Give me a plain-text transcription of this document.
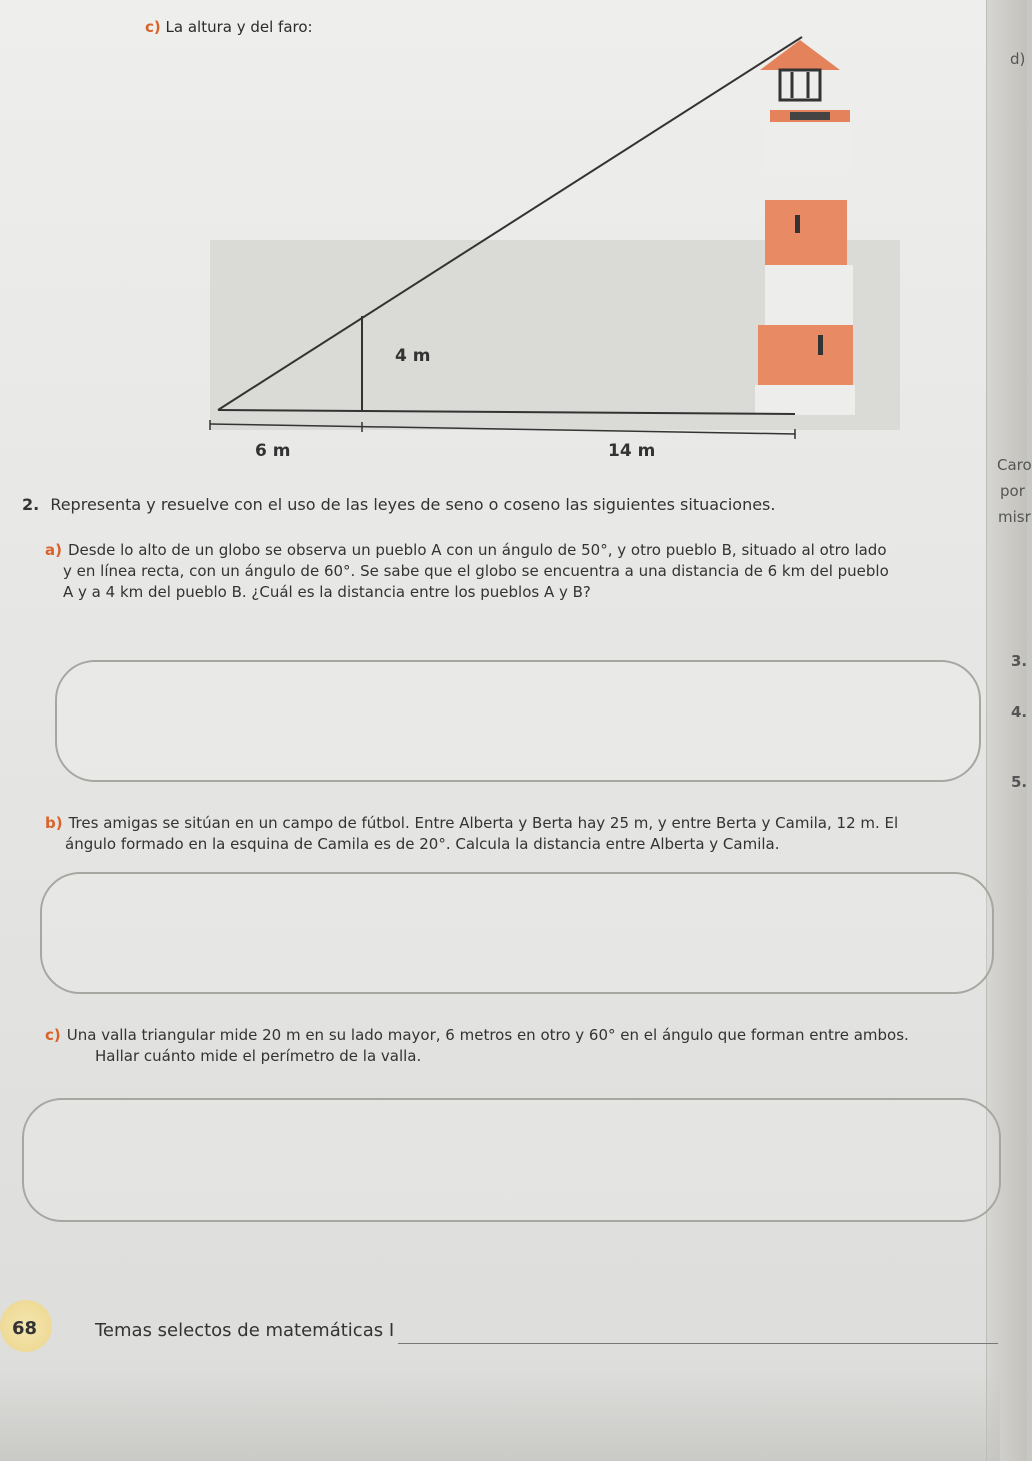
c) La altura y del faro:
4 m
6 m	14 m
d)
Caro
por
misr
3.
4.
5.
2. Representa y resuelve con el uso de las leyes de seno o coseno las siguientes situaciones.
a) Desde lo alto de un globo se observa un pueblo A con un ángulo de 50°, y otro pueblo B, situado al otro lado
y en línea recta, con un ángulo de 60°. Se sabe que el globo se encuentra a una distancia de 6 km del pueblo
A y a 4 km del pueblo B. ¿Cuál es la distancia entre los pueblos A y B?
b) Tres amigas se sitúan en un campo de fútbol. Entre Alberta y Berta hay 25 m, y entre Berta y Camila, 12 m. El
ángulo formado en la esquina de Camila es de 20°. Calcula la distancia entre Alberta y Camila.
c) Una valla triangular mide 20 m en su lado mayor, 6 metros en otro y 60° en el ángulo que forman entre ambos.
Hallar cuánto mide el perímetro de la valla.
68	Temas selectos de matemáticas I
